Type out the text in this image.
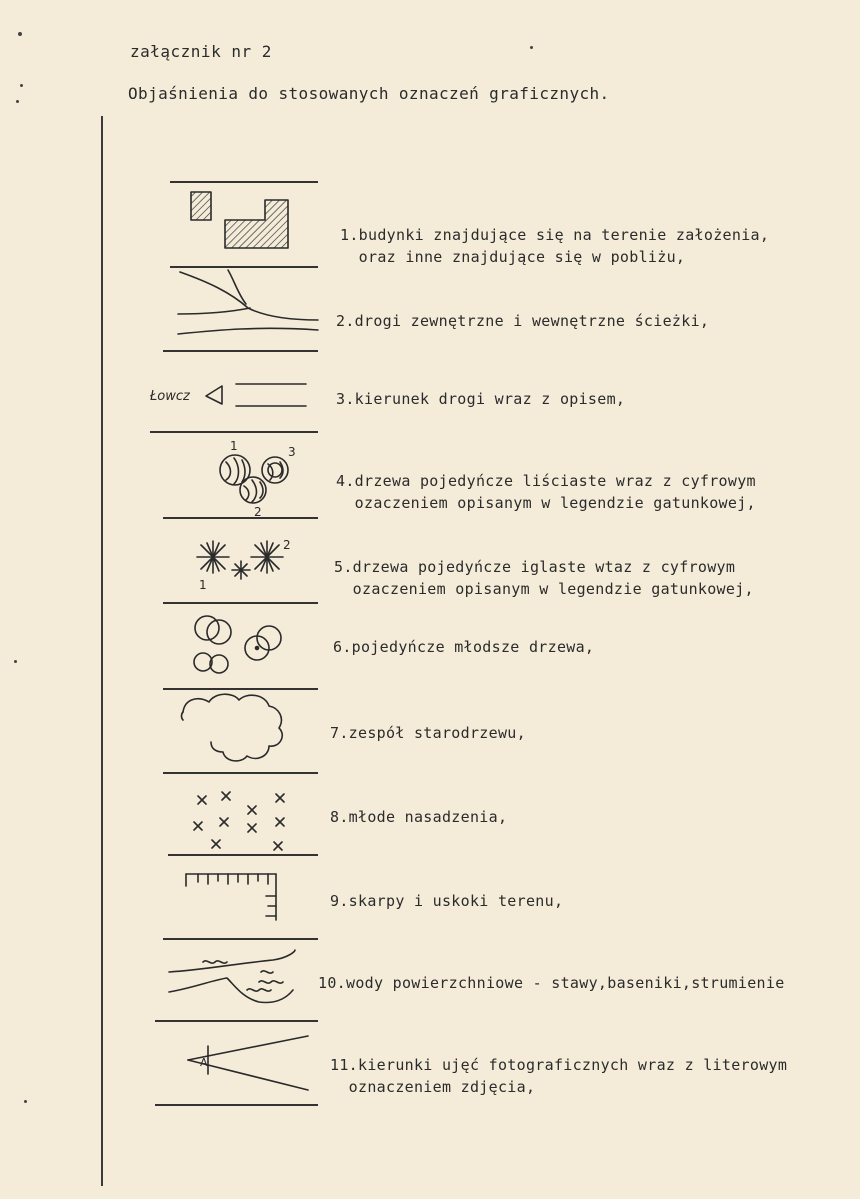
załącznik nr 2
Objaśnienia do stosowanych oznaczeń graficznych.
Łowcz
1
2
3
1
2
A
1.budynki znajdujące się na terenie założenia,
oraz inne znajdujące się w pobliżu,
2.drogi zewnętrzne i wewnętrzne ścieżki,
3.kierunek drogi wraz z opisem,
4.drzewa pojedyńcze liściaste wraz z cyfrowym
ozaczeniem opisanym w legendzie gatunkowej,
5.drzewa pojedyńcze iglaste wtaz z cyfrowym
ozaczeniem opisanym w legendzie gatunkowej,
6.pojedyńcze młodsze drzewa,
7.zespół starodrzewu,
8.młode nasadzenia,
9.skarpy i uskoki terenu,
10.wody powierzchniowe - stawy,baseniki,strumienie
11.kierunki ujęć fotograficznych wraz z literowym
oznaczeniem zdjęcia,
